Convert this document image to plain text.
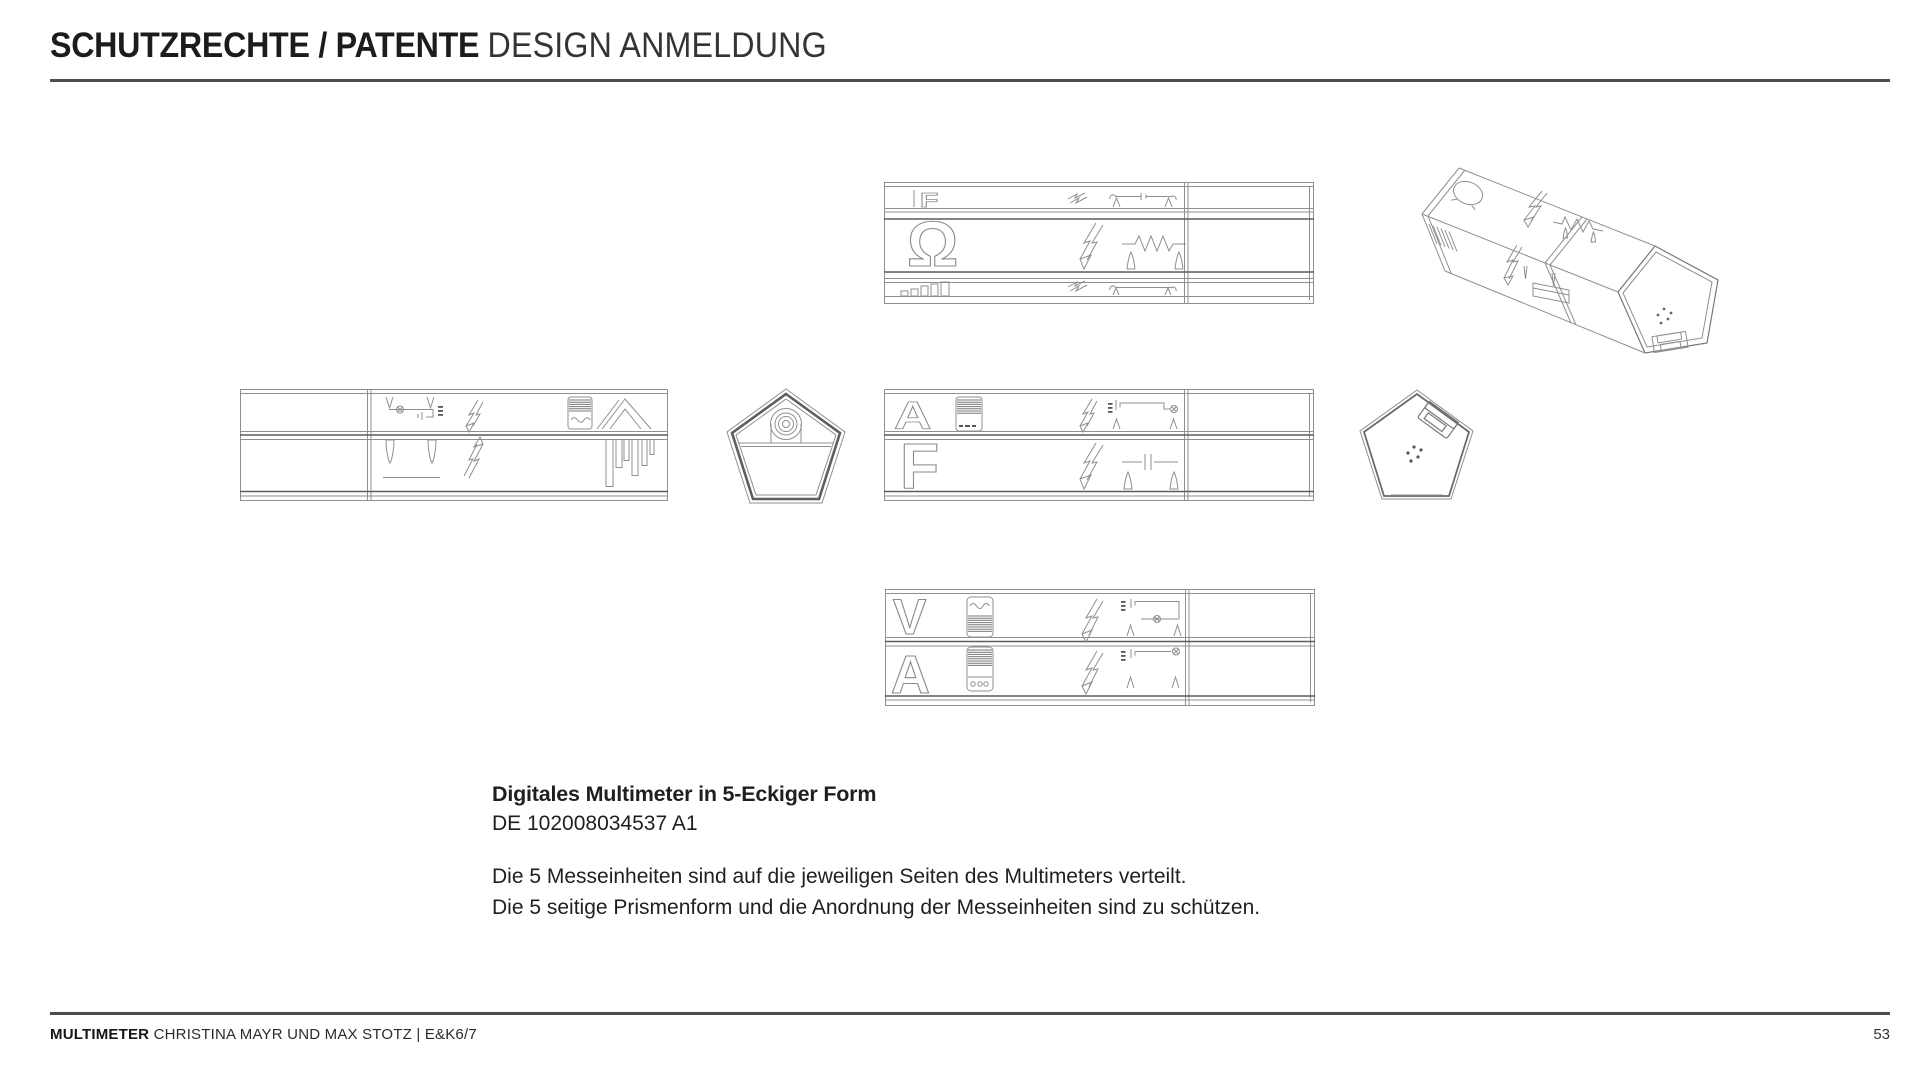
SCHUTZRECHTE / PATENTE DESIGN ANMELDUNG
F
Ω
A
F
V
A
Digitales Multimeter in 5-Eckiger Form

DE 102008034537 A1

Die 5 Messeinheiten sind auf die jeweiligen Seiten des Multimeters verteilt.

Die 5 seitige Prismenform und die Anordnung der Messeinheiten sind zu schützen.

MULTIMETER CHRISTINA MAYR UND MAX STOTZ | E&K6/7	53
